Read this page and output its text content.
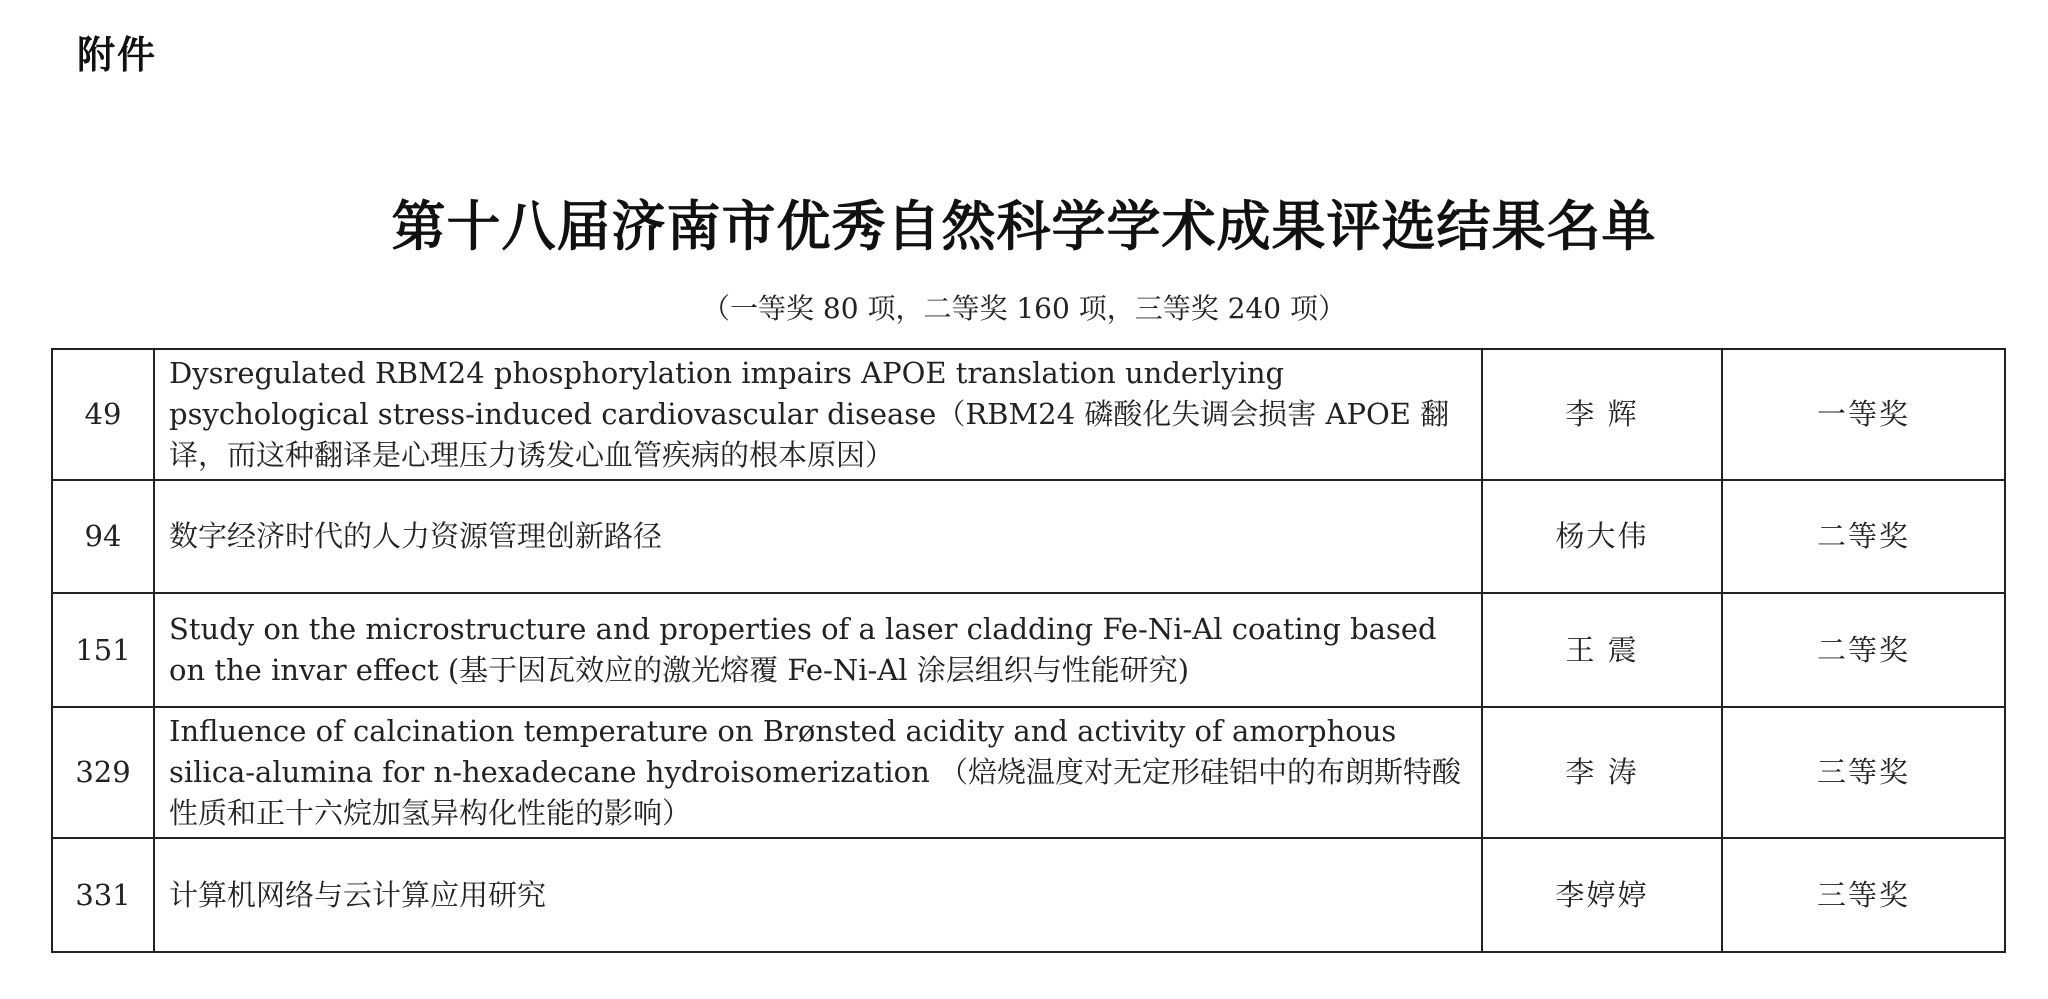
附件
第十八届济南市优秀自然科学学术成果评选结果名单
（一等奖 80 项，二等奖 160 项，三等奖 240 项）
49	Dysregulated RBM24 phosphorylation impairs APOE translation underlying psychological stress-induced cardiovascular disease（RBM24 磷酸化失调会损害 APOE 翻译，而这种翻译是心理压力诱发心血管疾病的根本原因）	李 辉	一等奖
94	数字经济时代的人力资源管理创新路径	杨大伟	二等奖
151	Study on the microstructure and properties of a laser cladding Fe-Ni-Al coating based on the invar effect (基于因瓦效应的激光熔覆 Fe-Ni-Al 涂层组织与性能研究)	王 震	二等奖
329	Influence of calcination temperature on Brønsted acidity and activity of amorphous silica-alumina for n-hexadecane hydroisomerization （焙烧温度对无定形硅铝中的布朗斯特酸性质和正十六烷加氢异构化性能的影响）	李 涛	三等奖
331	计算机网络与云计算应用研究	李婷婷	三等奖
